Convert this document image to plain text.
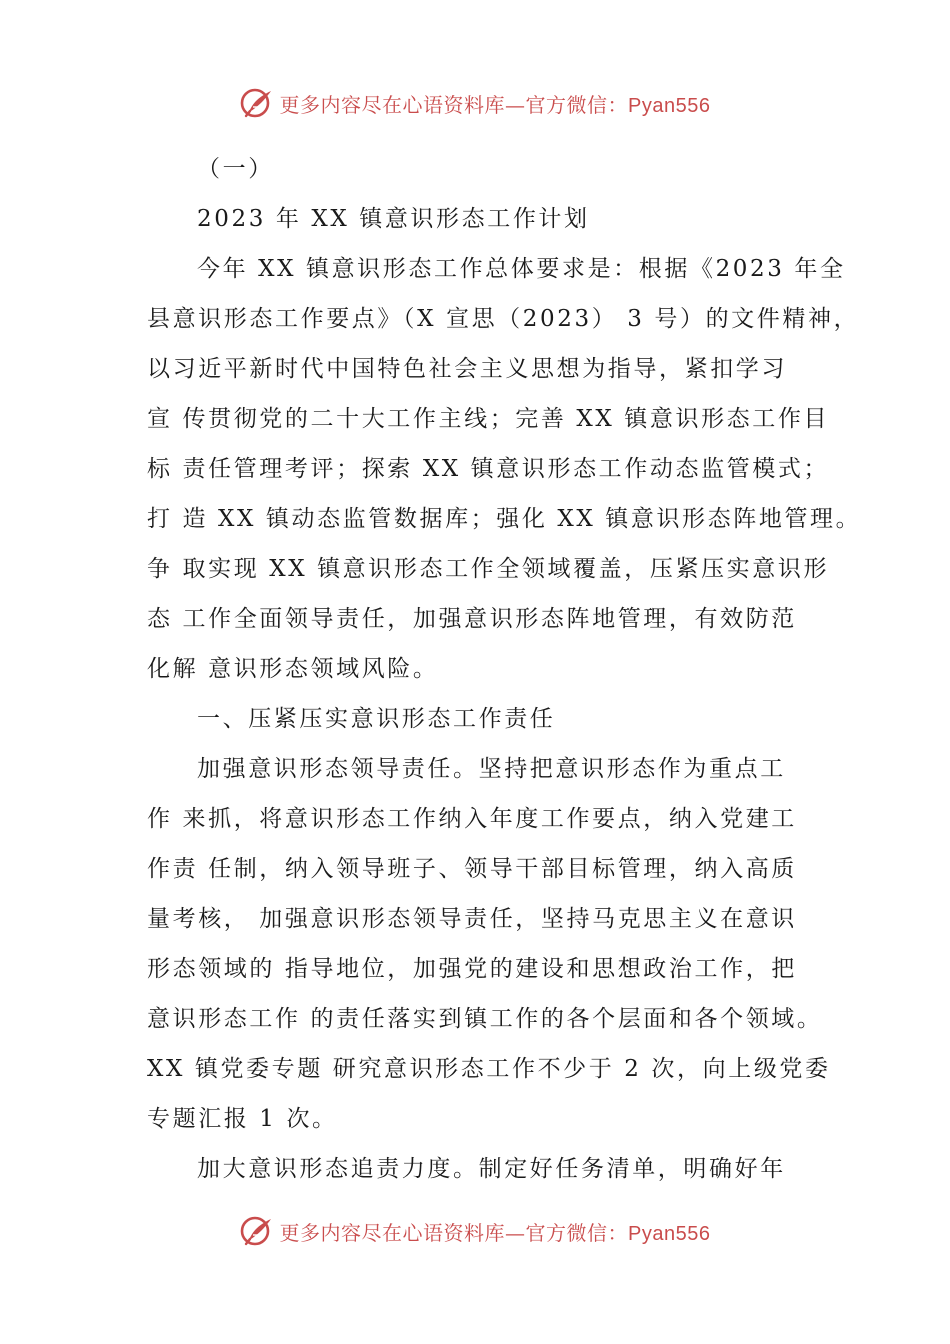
更多内容尽在心语资料库—官方微信：Pyan556
（一）
2023 年 XX 镇意识形态工作计划
今年 XX 镇意识形态工作总体要求是：根据《2023 年全
县意识形态工作要点》（X 宣思（2023） 3 号）的文件精神，
以习近平新时代中国特色社会主义思想为指导，紧扣学习
宣 传贯彻党的二十大工作主线；完善 XX 镇意识形态工作目
标 责任管理考评；探索 XX 镇意识形态工作动态监管模式；
打 造 XX 镇动态监管数据库；强化 XX 镇意识形态阵地管理。
争 取实现 XX 镇意识形态工作全领域覆盖，压紧压实意识形
态 工作全面领导责任，加强意识形态阵地管理，有效防范
化解 意识形态领域风险。
一、压紧压实意识形态工作责任
加强意识形态领导责任。坚持把意识形态作为重点工
作 来抓，将意识形态工作纳入年度工作要点，纳入党建工
作责 任制，纳入领导班子、领导干部目标管理，纳入高质
量考核， 加强意识形态领导责任，坚持马克思主义在意识
形态领域的 指导地位，加强党的建设和思想政治工作，把
意识形态工作 的责任落实到镇工作的各个层面和各个领域。
XX 镇党委专题 研究意识形态工作不少于 2 次，向上级党委
专题汇报 1 次。
加大意识形态追责力度。制定好任务清单，明确好年
更多内容尽在心语资料库—官方微信：Pyan556
